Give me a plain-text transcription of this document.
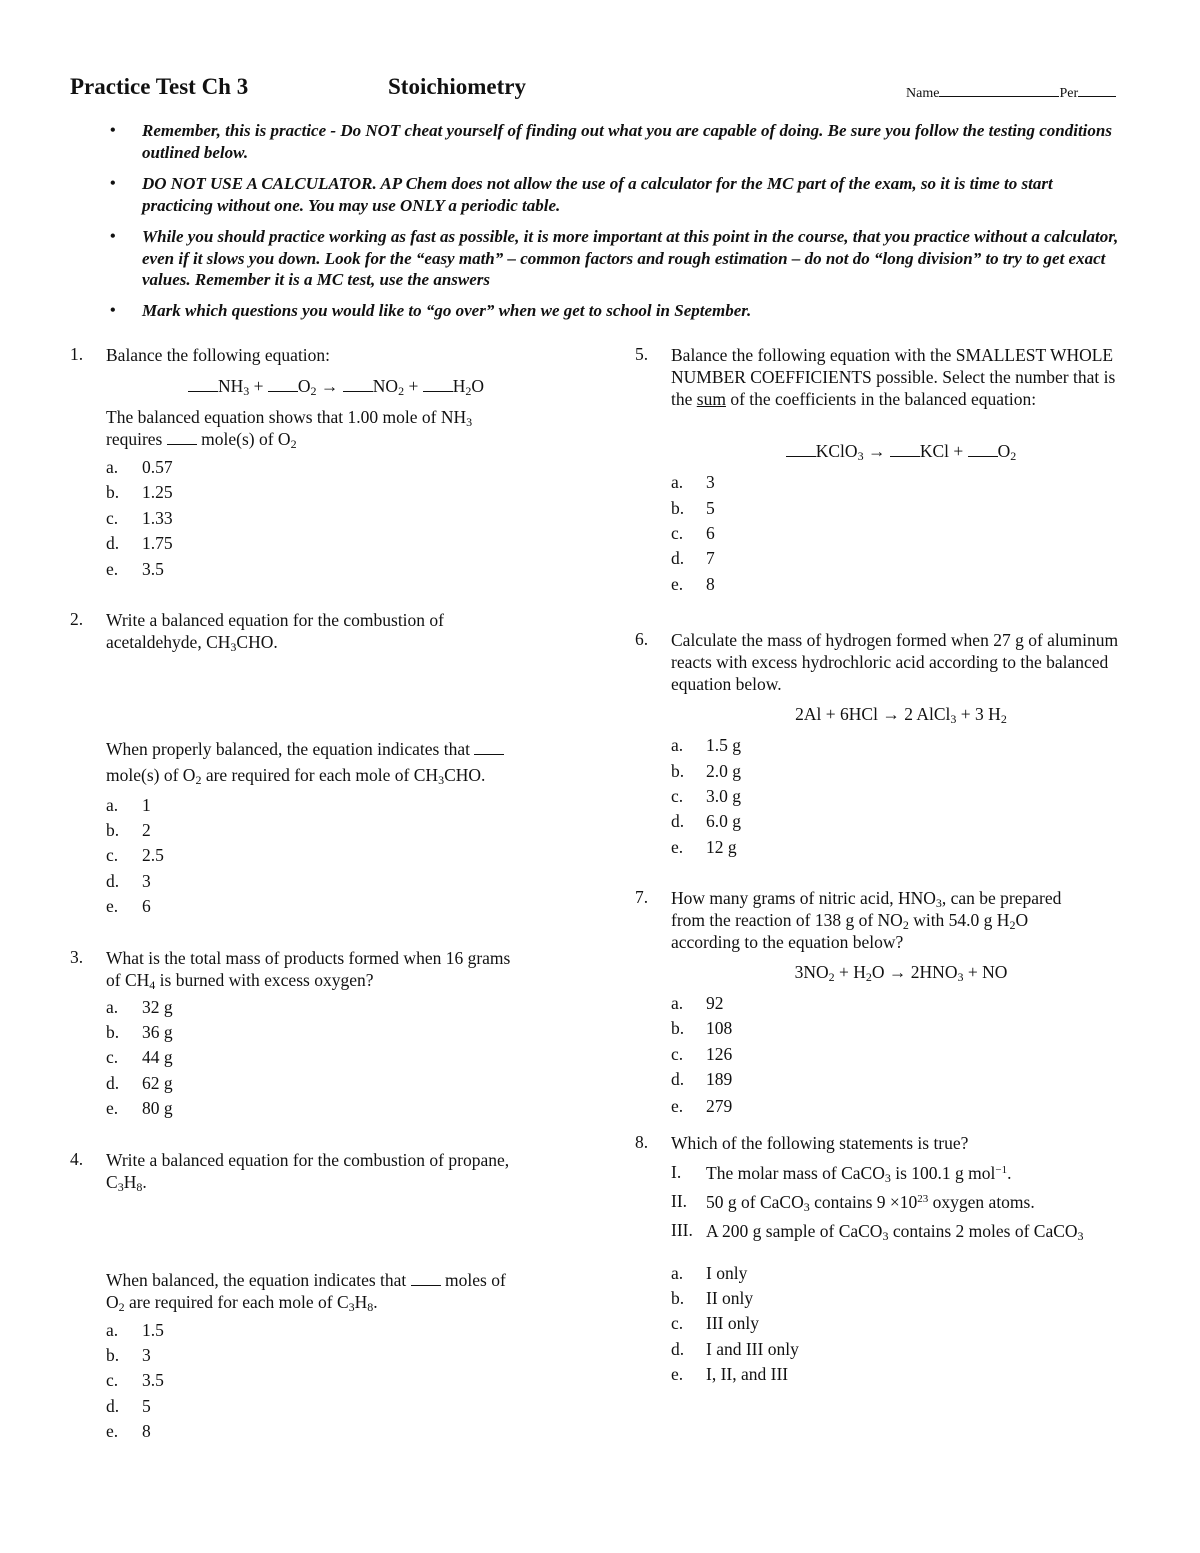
Practice Test Ch 3	Stoichiometry	Name	Per
• Remember, this is practice - Do NOT cheat yourself of finding out what you are capable of doing. Be sure you follow the testing conditions outlined below.
• DO NOT USE A CALCULATOR. AP Chem does not allow the use of a calculator for the MC part of the exam, so it is time to start practicing without one. You may use ONLY a periodic table.
• While you should practice working as fast as possible, it is more important at this point in the course, that you practice without a calculator, even if it slows you down. Look for the “easy math” – common factors and rough estimation – do not do “long division” to try to get exact values. Remember it is a MC test, use the answers
• Mark which questions you would like to “go over” when we get to school in September.
1. Balance the following equation:
$NH_3 + O_2 \to NO_2 + H_2O$
The balanced equation shows that 1.00 mole of $NH_3$
requires  mole(s) of $O_2$
a. 0.57
b. 1.25
c. 1.33
d. 1.75
e. 3.5
2. Write a balanced equation for the combustion of
acetaldehyde, $CH_3CHO$.
When properly balanced, the equation indicates that
mole(s) of $O_2$ are required for each mole of $CH_3CHO$.
a. 1
b. 2
c. 2.5
d. 3
e. 6
3. What is the total mass of products formed when 16 grams
of $CH_4$ is burned with excess oxygen?
a. 32 g
b. 36 g
c. 44 g
d. 62 g
e. 80 g
4. Write a balanced equation for the combustion of propane,
$C_3H_8$.
When balanced, the equation indicates that  moles of
$O_2$ are required for each mole of $C_3H_8$.
a. 1.5
b. 3
c. 3.5
d. 5
e. 8
5. Balance the following equation with the SMALLEST WHOLE NUMBER COEFFICIENTS possible. Select the number that is the sum of the coefficients in the balanced equation:
KClO$_3$ → KCl + $O_2$
a. 3
b. 5
c. 6
d. 7
e. 8
6. Calculate the mass of hydrogen formed when 27 g of aluminum reacts with excess hydrochloric acid according to the balanced equation below.
2Al + 6HCl → 2 AlCl$_3$ + 3 $H_2$
a. 1.5 g
b. 2.0 g
c. 3.0 g
d. 6.0 g
e. 12 g
7. How many grams of nitric acid, $HNO_3$, can be prepared
from the reaction of 138 g of $NO_2$ with 54.0 g $H_2O$
according to the equation below?
$3NO_2 + H_2O \to 2HNO_3$ + NO
a. 92
b. 108
c. 126
d. 189
e. 279
8. Which of the following statements is true?
I. The molar mass of CaCO$_3$ is 100.1 g mol$^{-1}$.
II. 50 g of CaCO$_3$ contains $9 \times 10^{23}$ oxygen atoms.
III. A 200 g sample of CaCO$_3$ contains 2 moles of CaCO$_3$
a. I only
b. II only
c. III only
d. I and III only
e. I, II, and III
